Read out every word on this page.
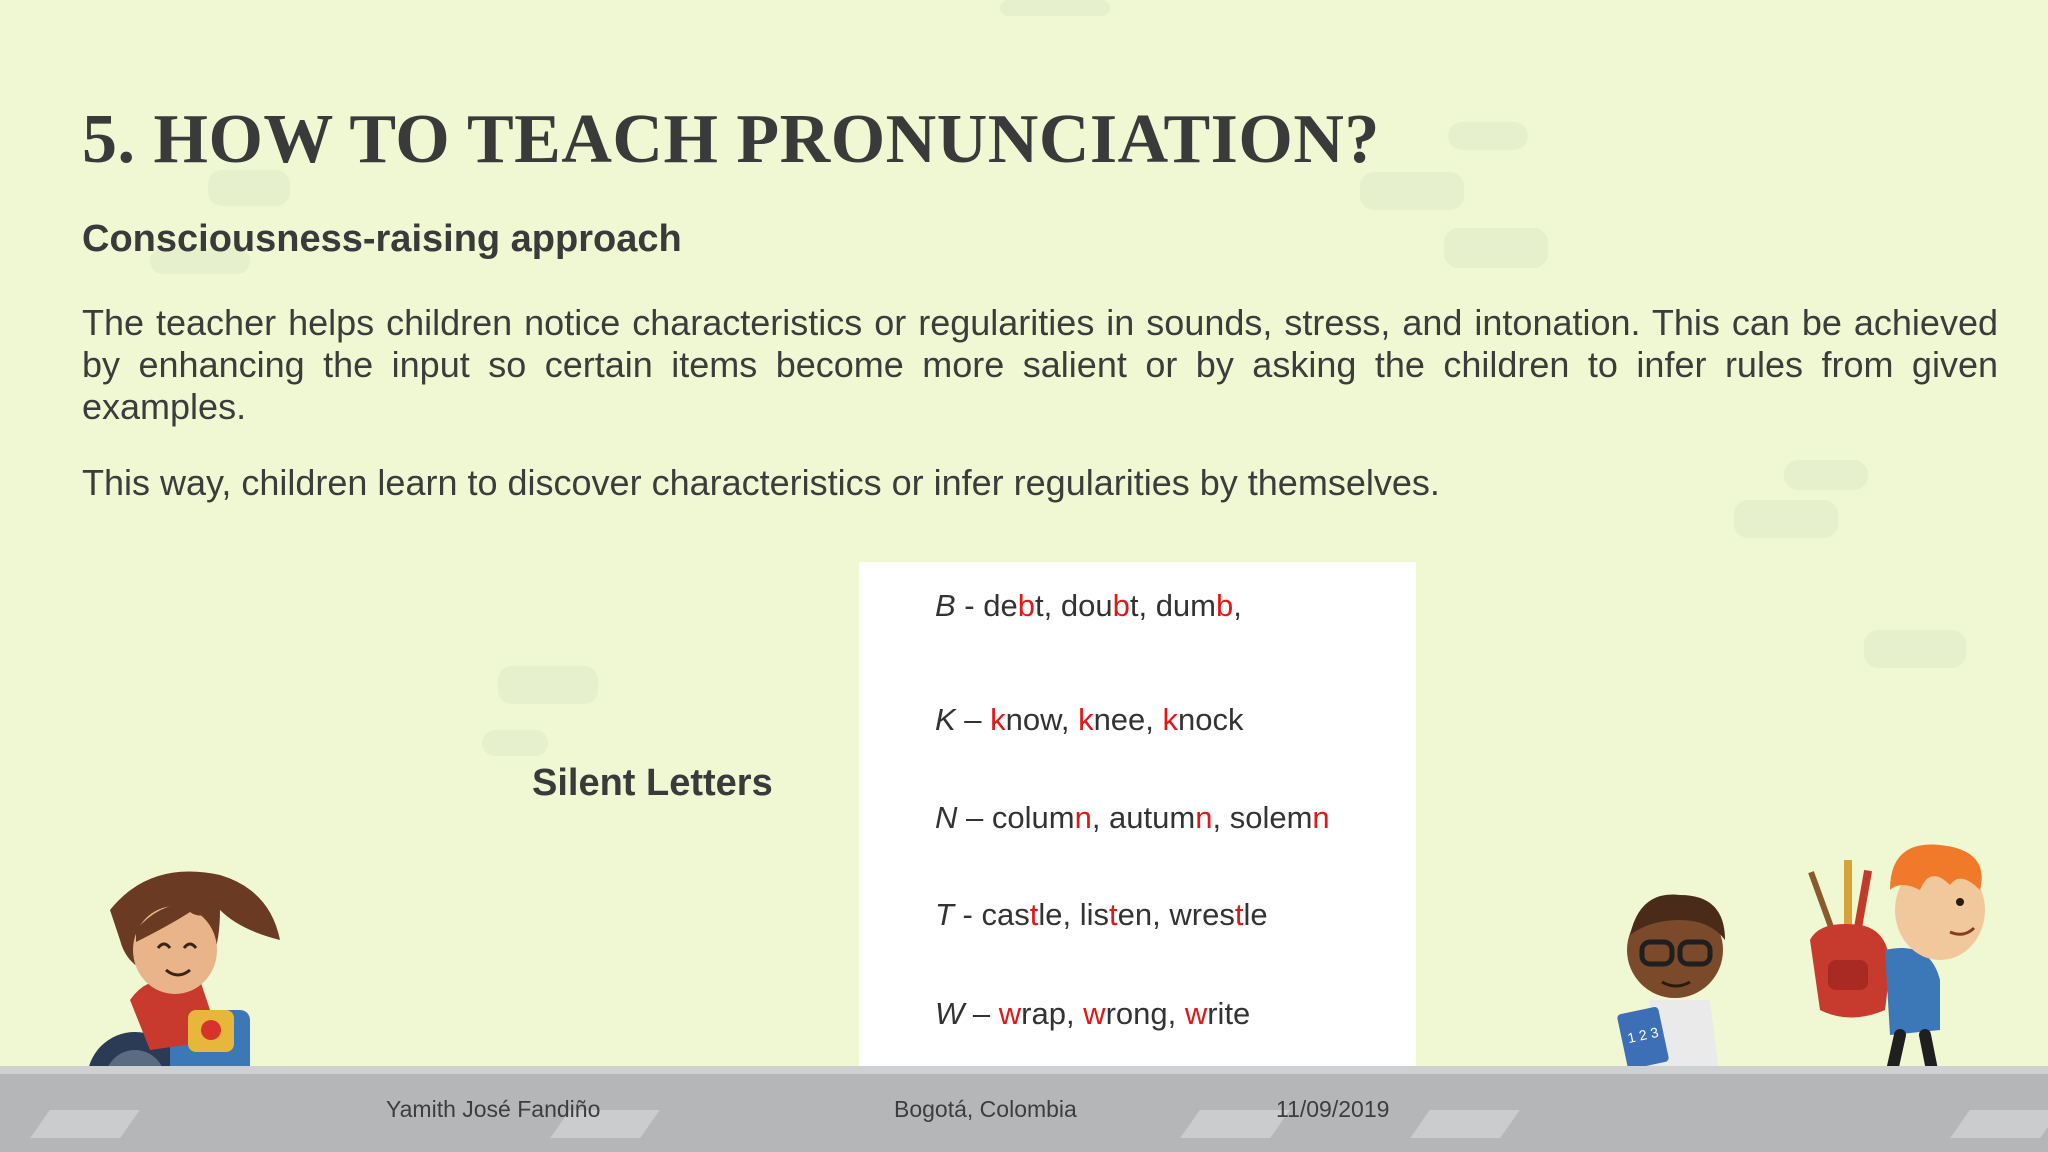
5. HOW TO TEACH PRONUNCIATION?
Consciousness-raising approach

The teacher helps children notice characteristics or regularities in sounds, stress, and intonation. This can be achieved by enhancing the input so certain items become more salient or by asking the children to infer rules from given examples.

This way, children learn to discover characteristics or infer regularities by themselves.

Silent Letters
B - debt, doubt, dumb,
K – know, knee, knock
N – column, autumn, solemn
T - castle, listen, wrestle
W – wrap, wrong, write
1 2 3
Yamith José Fandiño	Bogotá, Colombia	11/09/2019
